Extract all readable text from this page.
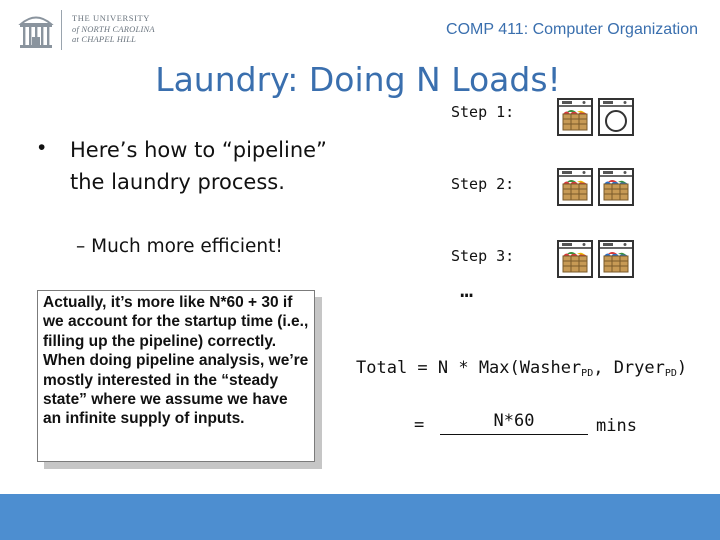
THE UNIVERSITY
of NORTH CAROLINA
at CHAPEL HILL
COMP 411: Computer Organization
Laundry: Doing N Loads!
• Here’s how to “pipeline” the laundry process.
– Much more efficient!
Actually, it’s more like N*60 + 30 if we account for the startup time (i.e., filling up the pipeline) correctly. When doing pipeline analysis, we’re mostly interested in the “steady state” where we assume we have an infinite supply of inputs.
Step 1:
Step 2:
Step 3:
…
Total = N * Max(Washer$_{PD}$, Dryer$_{PD}$)
=	N*60	mins
